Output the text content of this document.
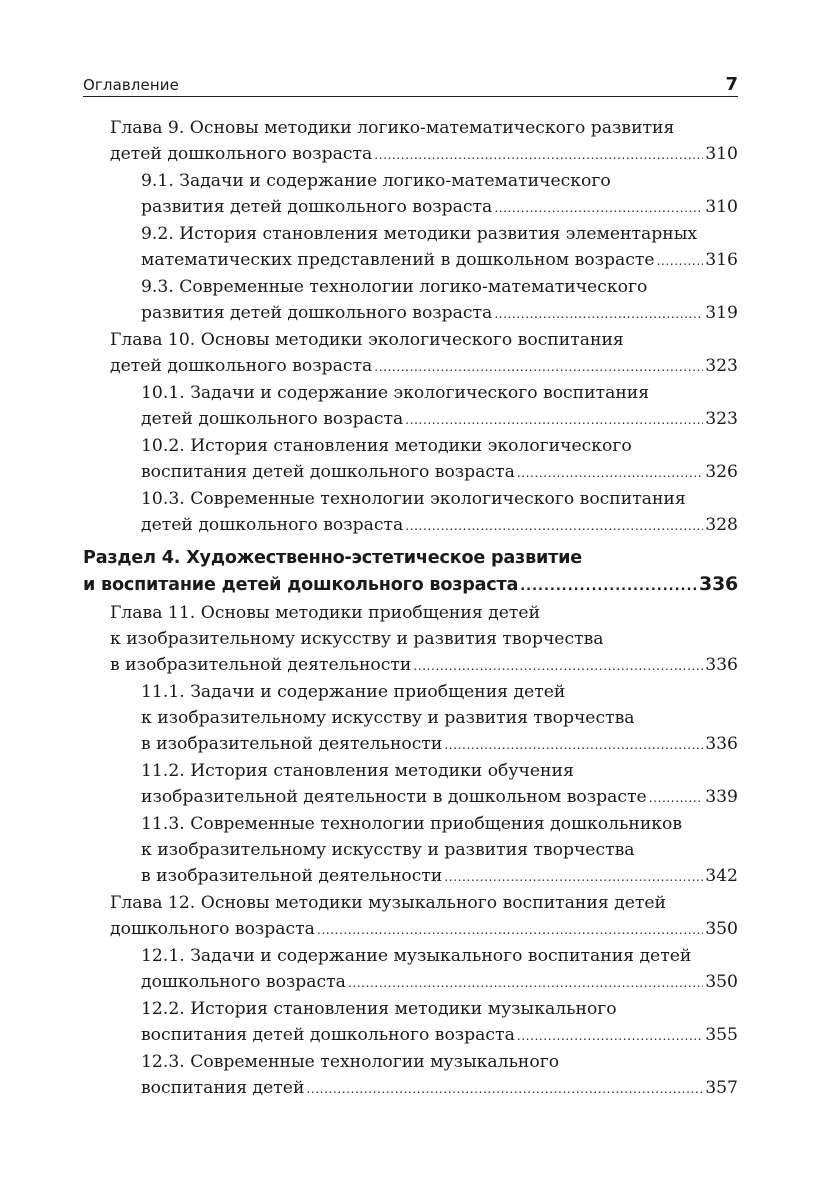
Оглавление	7
Глава 9. Основы методики логико-математического развития
детей дошкольного возраста .....	310
9.1. Задачи и содержание логико-математического
развития детей дошкольного возраста .....	310
9.2. История становления методики развития элементарных
математических представлений в дошкольном возрасте .....	316
9.3. Современные технологии логико-математического
развития детей дошкольного возраста .....	319
Глава 10. Основы методики экологического воспитания
детей дошкольного возраста .....	323
10.1. Задачи и содержание экологического воспитания
детей дошкольного возраста .....	323
10.2. История становления методики экологического
воспитания детей дошкольного возраста .....	326
10.3. Современные технологии экологического воспитания
детей дошкольного возраста .....	328
Раздел 4. Художественно-эстетическое развитие
и воспитание детей дошкольного возраста .....	336
Глава 11. Основы методики приобщения детей
к изобразительному искусству и развития творчества
в изобразительной деятельности .....	336
11.1. Задачи и содержание приобщения детей
к изобразительному искусству и развития творчества
в изобразительной деятельности .....	336
11.2. История становления методики обучения
изобразительной деятельности в дошкольном возрасте .....	339
11.3. Современные технологии приобщения дошкольников
к изобразительному искусству и развития творчества
в изобразительной деятельности .....	342
Глава 12. Основы методики музыкального воспитания детей
дошкольного возраста .....	350
12.1. Задачи и содержание музыкального воспитания детей
дошкольного возраста .....	350
12.2. История становления методики музыкального
воспитания детей дошкольного возраста .....	355
12.3. Современные технологии музыкального
воспитания детей .....	357
